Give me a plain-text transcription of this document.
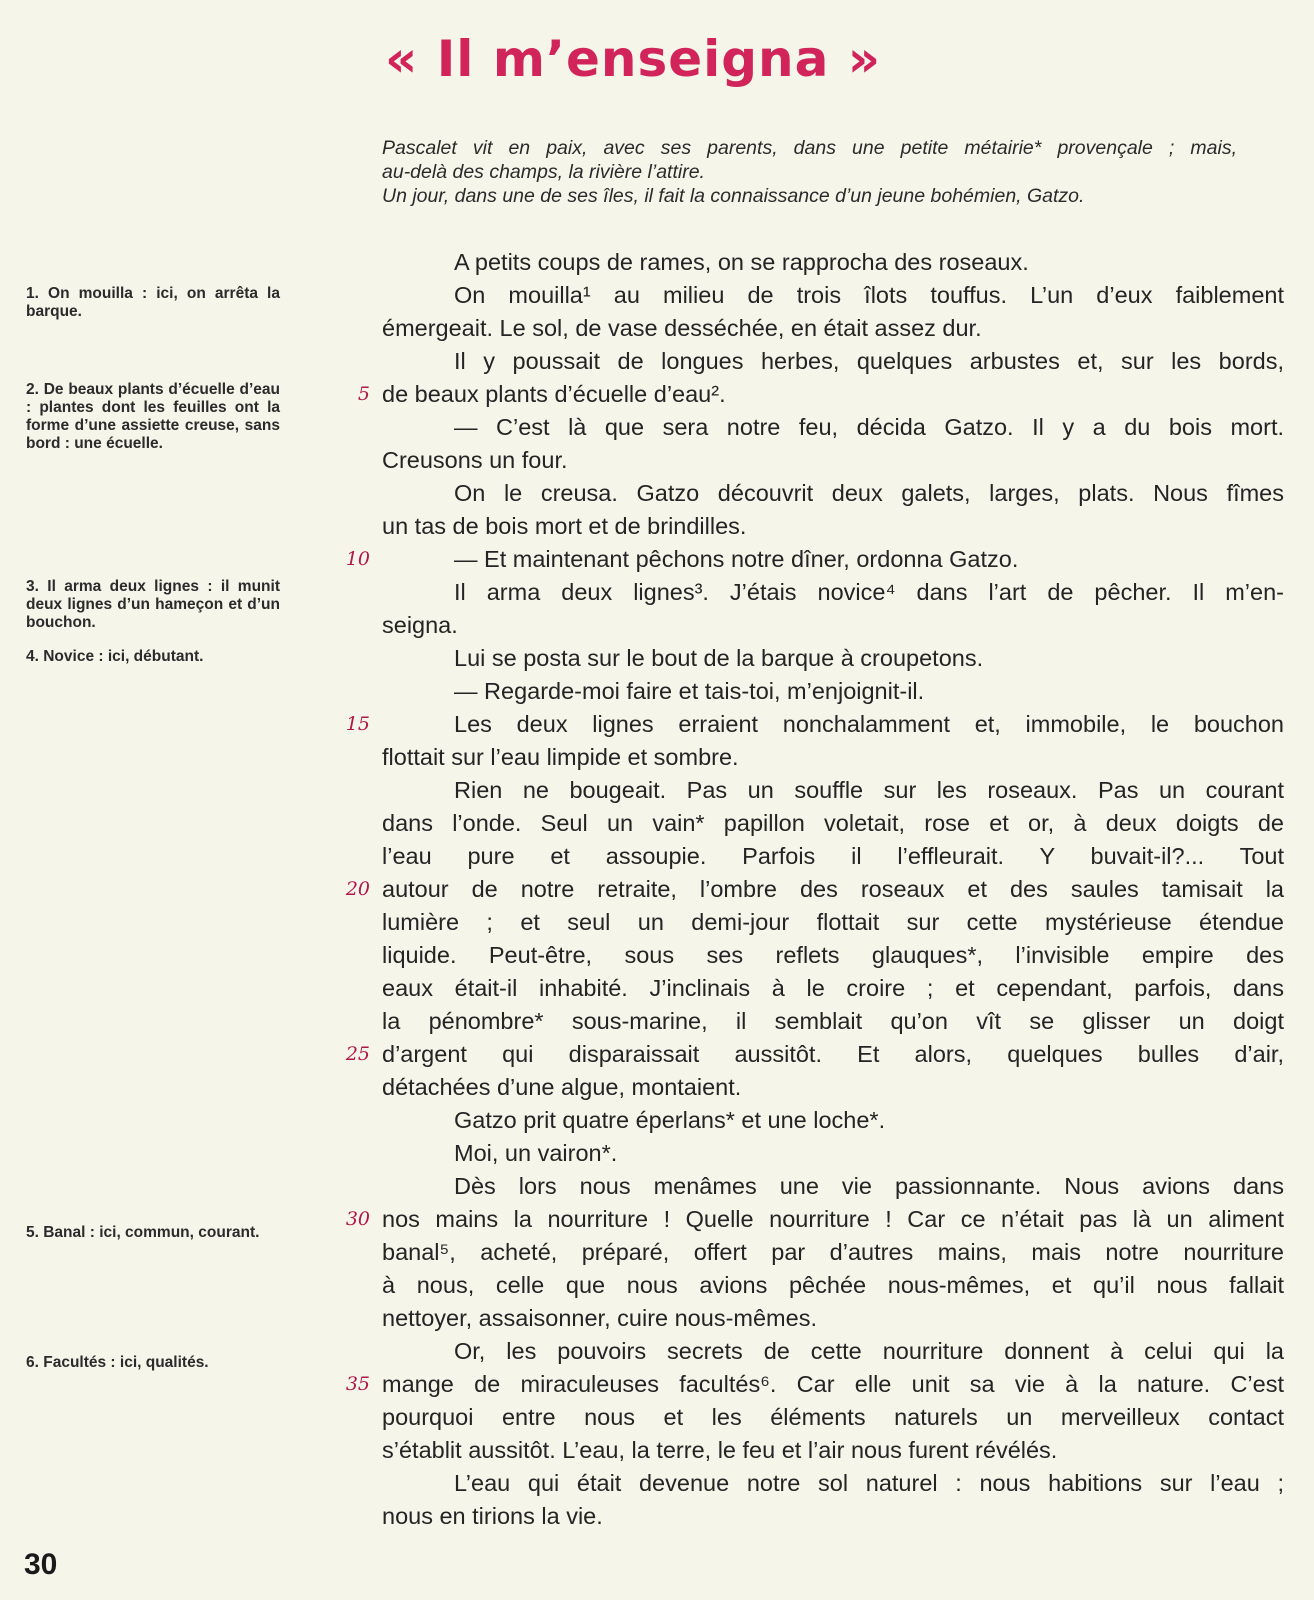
« Il m’enseigna »

Pascalet vit en paix, avec ses parents, dans une petite métairie* provençale ; mais,

au-delà des champs, la rivière l’attire.

Un jour, dans une de ses îles, il fait la connaissance d’un jeune bohémien, Gatzo.

1. On mouilla : ici, on arrêta la barque.
2. De beaux plants d’écuelle d’eau : plantes dont les feuilles ont la forme d’une assiette creuse, sans bord : une écuelle.
3. Il arma deux lignes : il munit deux lignes d’un hameçon et d’un bouchon.
4. Novice : ici, débutant.
5. Banal : ici, commun, courant.
6. Facultés : ici, qualités.
A petits coups de rames, on se rapprocha des roseaux.
On mouilla¹ au milieu de trois îlots touffus. L’un d’eux faiblement
émergeait. Le sol, de vase desséchée, en était assez dur.
Il y poussait de longues herbes, quelques arbustes et, sur les bords,
5 de beaux plants d’écuelle d’eau².
— C’est là que sera notre feu, décida Gatzo. Il y a du bois mort.
Creusons un four.
On le creusa. Gatzo découvrit deux galets, larges, plats. Nous fîmes
un tas de bois mort et de brindilles.
10	— Et maintenant pêchons notre dîner, ordonna Gatzo.
Il arma deux lignes³. J’étais novice⁴ dans l’art de pêcher. Il m’en-
seigna.
Lui se posta sur le bout de la barque à croupetons.
— Regarde-moi faire et tais-toi, m’enjoignit-il.
15	Les deux lignes erraient nonchalamment et, immobile, le bouchon
flottait sur l’eau limpide et sombre.
Rien ne bougeait. Pas un souffle sur les roseaux. Pas un courant
dans l’onde. Seul un vain* papillon voletait, rose et or, à deux doigts de
l’eau pure et assoupie. Parfois il l’effleurait. Y buvait-il?... Tout
20 autour de notre retraite, l’ombre des roseaux et des saules tamisait la
lumière ; et seul un demi-jour flottait sur cette mystérieuse étendue
liquide. Peut-être, sous ses reflets glauques*, l’invisible empire des
eaux était-il inhabité. J’inclinais à le croire ; et cependant, parfois, dans
la pénombre* sous-marine, il semblait qu’on vît se glisser un doigt
25 d’argent qui disparaissait aussitôt. Et alors, quelques bulles d’air,
détachées d’une algue, montaient.
Gatzo prit quatre éperlans* et une loche*.
Moi, un vairon*.
Dès lors nous menâmes une vie passionnante. Nous avions dans
30 nos mains la nourriture ! Quelle nourriture ! Car ce n’était pas là un aliment
banal⁵, acheté, préparé, offert par d’autres mains, mais notre nourriture
à nous, celle que nous avions pêchée nous-mêmes, et qu’il nous fallait
nettoyer, assaisonner, cuire nous-mêmes.
Or, les pouvoirs secrets de cette nourriture donnent à celui qui la
35 mange de miraculeuses facultés⁶. Car elle unit sa vie à la nature. C’est
pourquoi entre nous et les éléments naturels un merveilleux contact
s’établit aussitôt. L’eau, la terre, le feu et l’air nous furent révélés.
L’eau qui était devenue notre sol naturel : nous habitions sur l’eau ;
nous en tirions la vie.
30
